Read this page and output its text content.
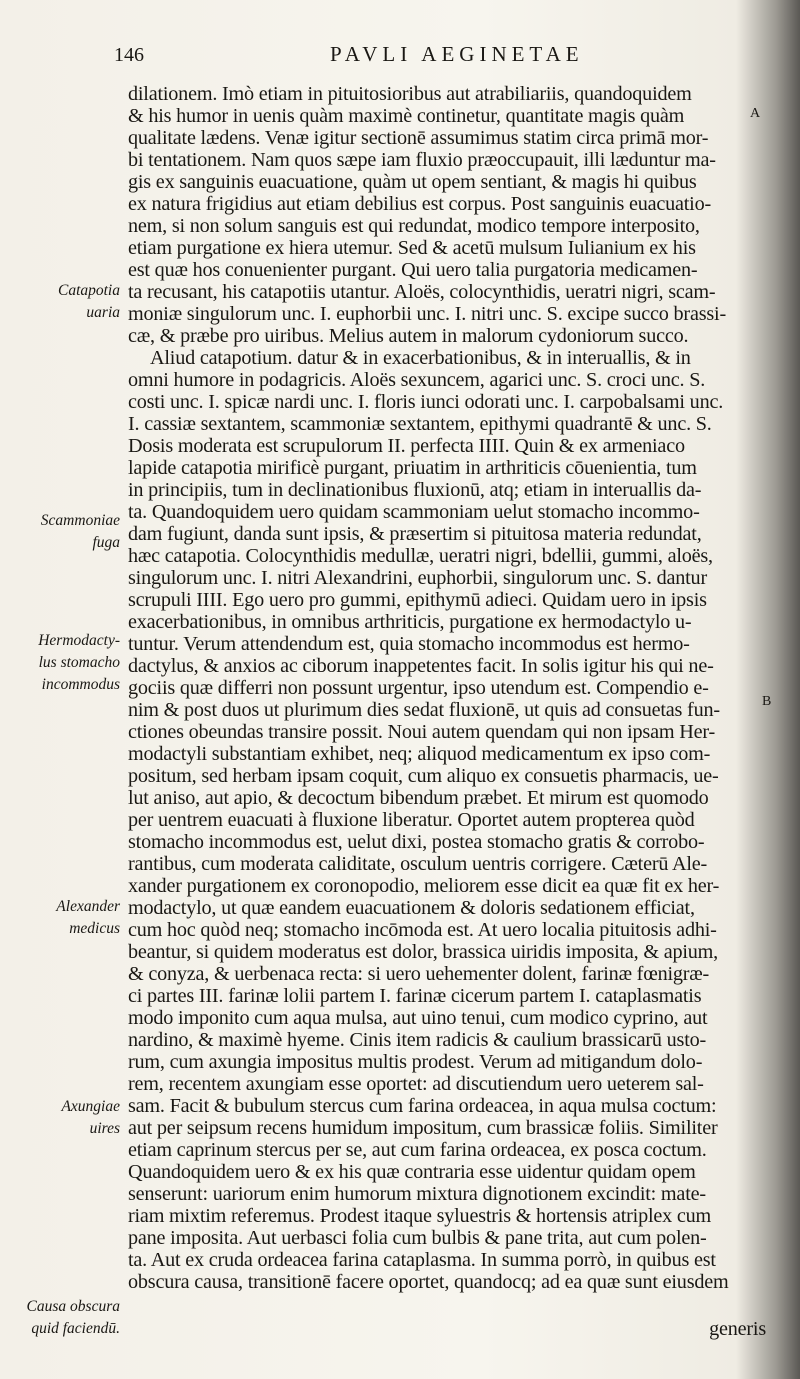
146	PAVLI AEGINETAE
A
B
Catapotia
uaria
Scammoniae
fuga
Hermodacty-
lus stomacho
incommodus
Alexander
medicus
Axungiae
uires
Causa obscura
quid faciendū.
dilationem. Imò etiam in pituitosioribus aut atrabiliariis, quandoquidem
& his humor in uenis quàm maximè continetur, quantitate magis quàm
qualitate lædens. Venæ igitur sectionē assumimus statim circa primā mor-
bi tentationem. Nam quos sæpe iam fluxio præoccupauit, illi læduntur ma-
gis ex sanguinis euacuatione, quàm ut opem sentiant, & magis hi quibus
ex natura frigidius aut etiam debilius est corpus. Post sanguinis euacuatio-
nem, si non solum sanguis est qui redundat, modico tempore interposito,
etiam purgatione ex hiera utemur. Sed & acetū mulsum Iulianium ex his
est quæ hos conuenienter purgant. Qui uero talia purgatoria medicamen-
ta recusant, his catapotiis utantur. Aloës, colocynthidis, ueratri nigri, scam-
moniæ singulorum unc. I. euphorbii unc. I. nitri unc. S. excipe succo brassi-
cæ, & præbe pro uiribus. Melius autem in malorum cydoniorum succo.
Aliud catapotium. datur & in exacerbationibus, & in interuallis, & in
omni humore in podagricis. Aloës sexuncem, agarici unc. S. croci unc. S.
costi unc. I. spicæ nardi unc. I. floris iunci odorati unc. I. carpobalsami unc.
I. cassiæ sextantem, scammoniæ sextantem, epithymi quadrantē & unc. S.
Dosis moderata est scrupulorum II. perfecta IIII. Quin & ex armeniaco
lapide catapotia mirificè purgant, priuatim in arthriticis cōuenientia, tum
in principiis, tum in declinationibus fluxionū, atq; etiam in interuallis da-
ta. Quandoquidem uero quidam scammoniam uelut stomacho incommo-
dam fugiunt, danda sunt ipsis, & præsertim si pituitosa materia redundat,
hæc catapotia. Colocynthidis medullæ, ueratri nigri, bdellii, gummi, aloës,
singulorum unc. I. nitri Alexandrini, euphorbii, singulorum unc. S. dantur
scrupuli IIII. Ego uero pro gummi, epithymū adieci. Quidam uero in ipsis
exacerbationibus, in omnibus arthriticis, purgatione ex hermodactylo u-
tuntur. Verum attendendum est, quia stomacho incommodus est hermo-
dactylus, & anxios ac ciborum inappetentes facit. In solis igitur his qui ne-
gociis quæ differri non possunt urgentur, ipso utendum est. Compendio e-
nim & post duos ut plurimum dies sedat fluxionē, ut quis ad consuetas fun-
ctiones obeundas transire possit. Noui autem quendam qui non ipsam Her-
modactyli substantiam exhibet, neq; aliquod medicamentum ex ipso com-
positum, sed herbam ipsam coquit, cum aliquo ex consuetis pharmacis, ue-
lut aniso, aut apio, & decoctum bibendum præbet. Et mirum est quomodo
per uentrem euacuati à fluxione liberatur. Oportet autem propterea quòd
stomacho incommodus est, uelut dixi, postea stomacho gratis & corrobo-
rantibus, cum moderata caliditate, osculum uentris corrigere. Cæterū Ale-
xander purgationem ex coronopodio, meliorem esse dicit ea quæ fit ex her-
modactylo, ut quæ eandem euacuationem & doloris sedationem efficiat,
cum hoc quòd neq; stomacho incōmoda est. At uero localia pituitosis adhi-
beantur, si quidem moderatus est dolor, brassica uiridis imposita, & apium,
& conyza, & uerbenaca recta: si uero uehementer dolent, farinæ fœnigræ-
ci partes III. farinæ lolii partem I. farinæ cicerum partem I. cataplasmatis
modo imponito cum aqua mulsa, aut uino tenui, cum modico cyprino, aut
nardino, & maximè hyeme. Cinis item radicis & caulium brassicarū usto-
rum, cum axungia impositus multis prodest. Verum ad mitigandum dolo-
rem, recentem axungiam esse oportet: ad discutiendum uero ueterem sal-
sam. Facit & bubulum stercus cum farina ordeacea, in aqua mulsa coctum:
aut per seipsum recens humidum impositum, cum brassicæ foliis. Similiter
etiam caprinum stercus per se, aut cum farina ordeacea, ex posca coctum.
Quandoquidem uero & ex his quæ contraria esse uidentur quidam opem
senserunt: uariorum enim humorum mixtura dignotionem excindit: mate-
riam mixtim referemus. Prodest itaque syluestris & hortensis atriplex cum
pane imposita. Aut uerbasci folia cum bulbis & pane trita, aut cum polen-
ta. Aut ex cruda ordeacea farina cataplasma. In summa porrò, in quibus est
obscura causa, transitionē facere oportet, quandocq; ad ea quæ sunt eiusdem
generis
